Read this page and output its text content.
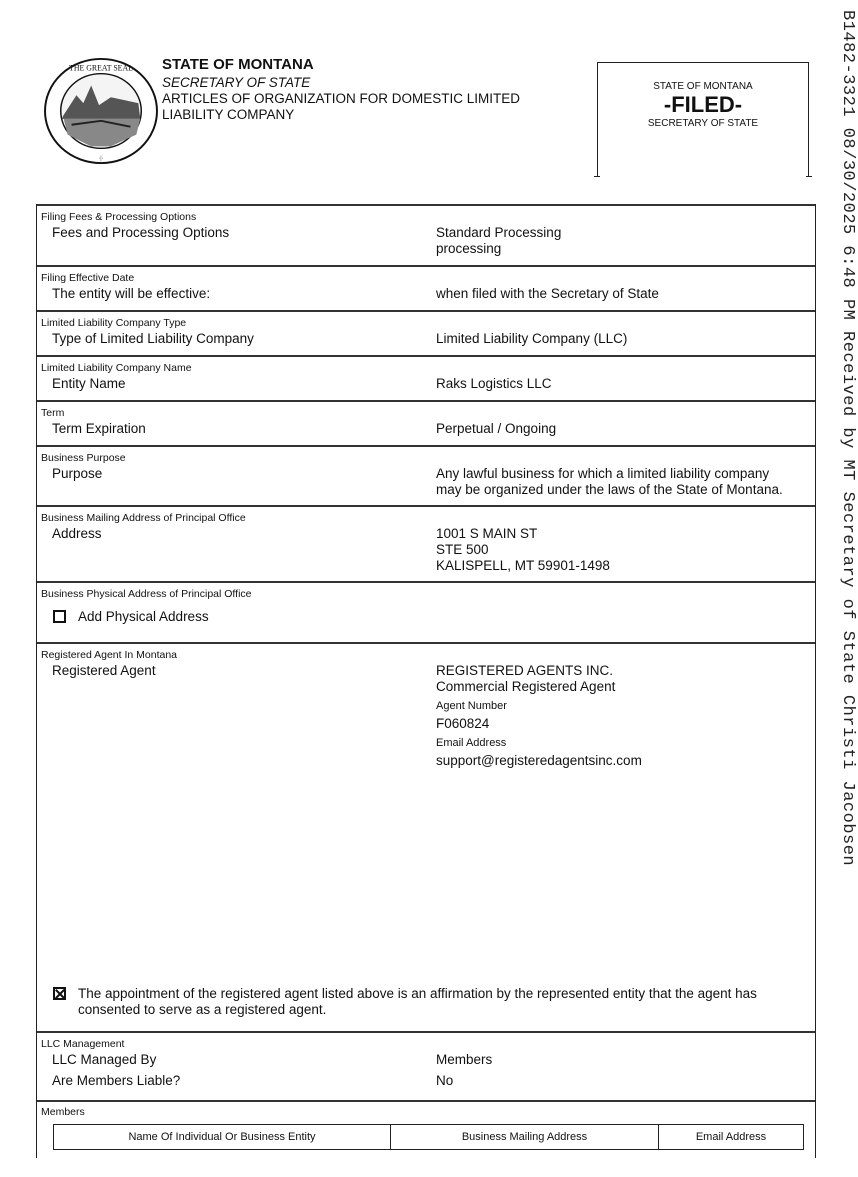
THE GREAT SEAL
·|·
STATE OF MONTANA
SECRETARY OF STATE
ARTICLES OF ORGANIZATION FOR DOMESTIC LIMITED LIABILITY COMPANY
STATE OF MONTANA
-FILED-
SECRETARY OF STATE	B1482-3321 08/30/2025 6:48 PM Received by MT Secretary of State Christi Jacobsen
Filing Fees & Processing Options
Fees and Processing Options	Standard Processing
processing
Filing Effective Date
The entity will be effective:	when filed with the Secretary of State
Limited Liability Company Type
Type of Limited Liability Company	Limited Liability Company (LLC)
Limited Liability Company Name
Entity Name	Raks Logistics LLC
Term
Term Expiration	Perpetual / Ongoing
Business Purpose
Purpose	Any lawful business for which a limited liability company may be organized under the laws of the State of Montana.
Business Mailing Address of Principal Office
Address	1001 S MAIN ST
STE 500
KALISPELL, MT 59901-1498
Business Physical Address of Principal Office
Add Physical Address
Registered Agent In Montana
Registered Agent	REGISTERED AGENTS INC.
Commercial Registered Agent
Agent Number
F060824
Email Address
support@registeredagentsinc.com
The appointment of the registered agent listed above is an affirmation by the represented entity that the agent has consented to serve as a registered agent.
LLC Management
LLC Managed By	Members
Are Members Liable?	No
Members
Name Of Individual Or Business Entity	Business Mailing Address	Email Address
